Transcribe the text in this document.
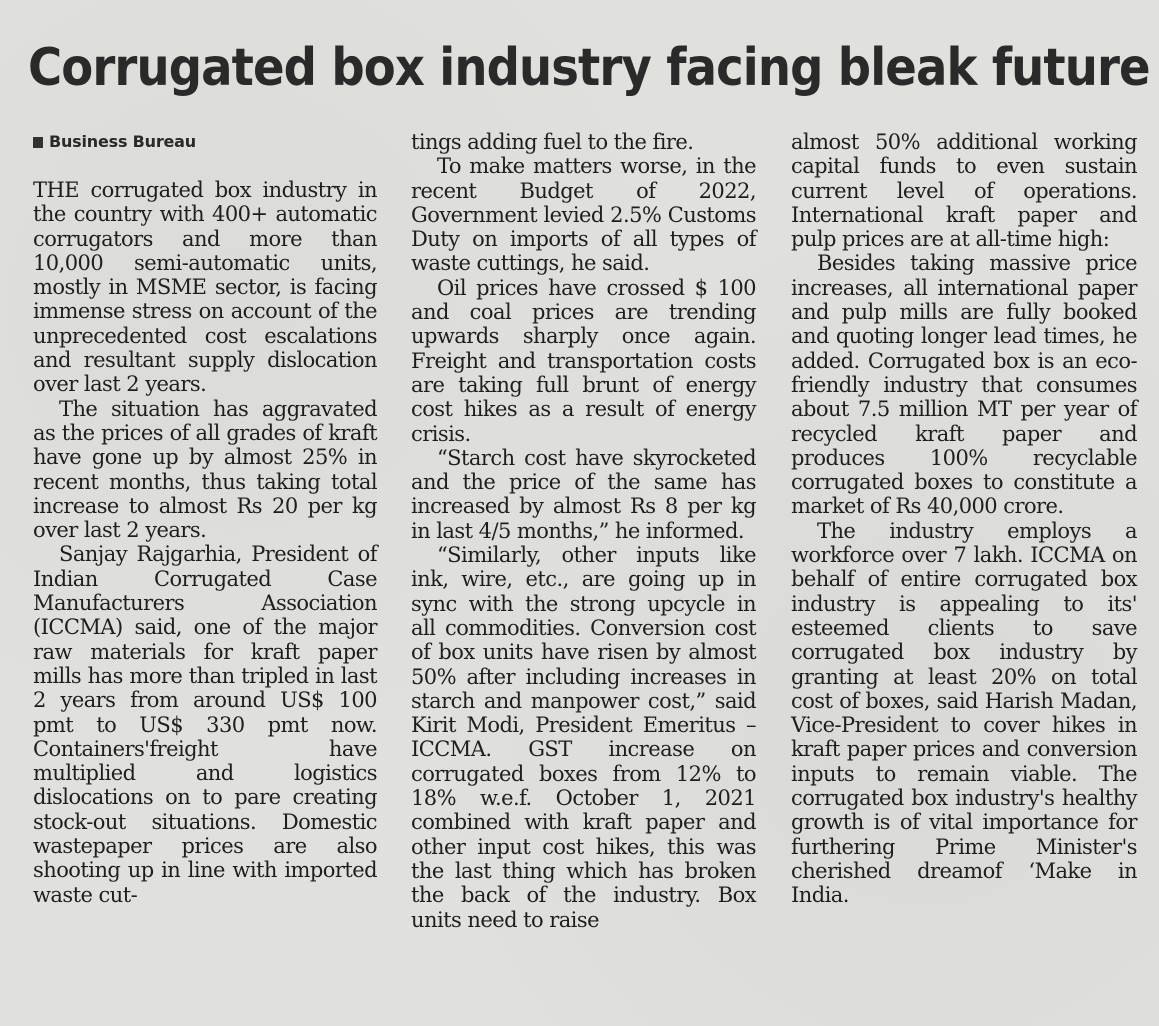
Corrugated box industry facing bleak future
Business Bureau

THE corrugated box industry in the country with 400+ automatic corrugators and more than 10,000 semi-automatic units, mostly in MSME sector, is facing immense stress on account of the unprecedented cost escalations and resultant supply dislocation over last 2 years.

The situation has aggravated as the prices of all grades of kraft have gone up by almost 25% in recent months, thus taking total increase to almost Rs 20 per kg over last 2 years.

Sanjay Rajgarhia, President of Indian Corrugated Case Manufacturers Association (ICCMA) said, one of the major raw materials for kraft paper mills has more than tripled in last 2 years from around US$ 100 pmt to US$ 330 pmt now. Containers'freight have multiplied and logistics dislocations on to pare creating stock-out situations. Domestic wastepaper prices are also shooting up in line with imported waste cut-

tings adding fuel to the fire.

To make matters worse, in the recent Budget of 2022, Government levied 2.5% Customs Duty on imports of all types of waste cuttings, he said.

Oil prices have crossed $ 100 and coal prices are trending upwards sharply once again. Freight and transportation costs are taking full brunt of energy cost hikes as a result of energy crisis.

“Starch cost have skyrocketed and the price of the same has increased by almost Rs 8 per kg in last 4/5 months,” he informed.

“Similarly, other inputs like ink, wire, etc., are going up in sync with the strong upcycle in all commodities. Conversion cost of box units have risen by almost 50% after including increases in starch and manpower cost,” said Kirit Modi, President Emeritus – ICCMA. GST increase on corrugated boxes from 12% to 18% w.e.f. October 1, 2021 combined with kraft paper and other input cost hikes, this was the last thing which has broken the back of the industry. Box units need to raise

almost 50% additional working capital funds to even sustain current level of operations. International kraft paper and pulp prices are at all-time high:

Besides taking massive price increases, all international paper and pulp mills are fully booked and quoting longer lead times, he added. Corrugated box is an eco-friendly industry that consumes about 7.5 million MT per year of recycled kraft paper and produces 100% recyclable corrugated boxes to constitute a market of Rs 40,000 crore.

The industry employs a workforce over 7 lakh. ICCMA on behalf of entire corrugated box industry is appealing to its' esteemed clients to save corrugated box industry by granting at least 20% on total cost of boxes, said Harish Madan, Vice-President to cover hikes in kraft paper prices and conversion inputs to remain viable. The corrugated box industry's healthy growth is of vital importance for furthering Prime Minister's cherished dreamof ‘Make in India.
